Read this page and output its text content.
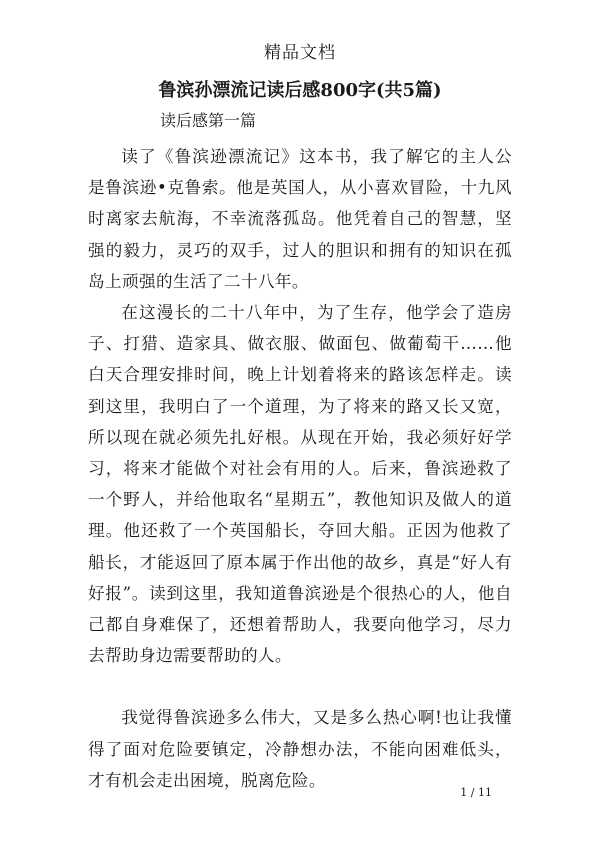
精品文档
鲁滨孙漂流记读后感800字(共5篇)
读后感第一篇

读了《鲁滨逊漂流记》这本书，我了解它的主人公是鲁滨逊•克鲁索。他是英国人，从小喜欢冒险，十九风时离家去航海，不幸流落孤岛。他凭着自己的智慧，坚强的毅力，灵巧的双手，过人的胆识和拥有的知识在孤岛上顽强的生活了二十八年。

在这漫长的二十八年中，为了生存，他学会了造房子、打猎、造家具、做衣服、做面包、做葡萄干……他白天合理安排时间，晚上计划着将来的路该怎样走。读到这里，我明白了一个道理，为了将来的路又长又宽，所以现在就必须先扎好根。从现在开始，我必须好好学习，将来才能做个对社会有用的人。后来，鲁滨逊救了一个野人，并给他取名“星期五”，教他知识及做人的道理。他还救了一个英国船长，夺回大船。正因为他救了船长，才能返回了原本属于作出他的故乡，真是“好人有好报”。读到这里，我知道鲁滨逊是个很热心的人，他自己都自身难保了，还想着帮助人，我要向他学习，尽力去帮助身边需要帮助的人。

我觉得鲁滨逊多么伟大，又是多么热心啊!也让我懂得了面对危险要镇定，冷静想办法，不能向困难低头，才有机会走出困境，脱离危险。

1 / 11
